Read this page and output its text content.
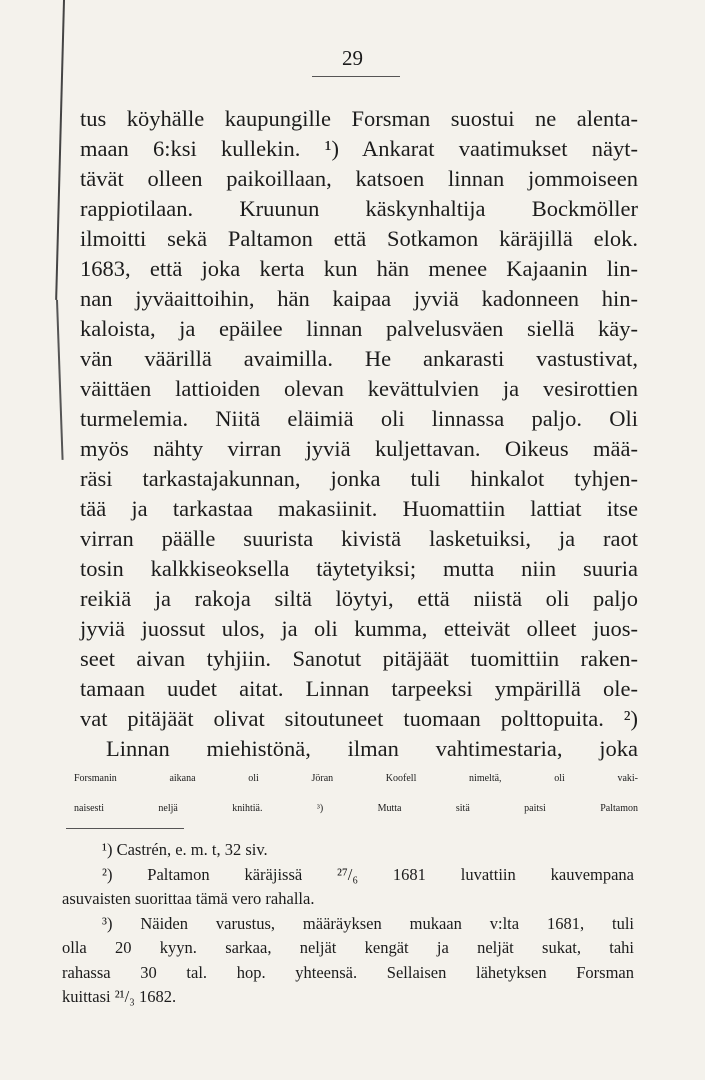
29
tus köyhälle kaupungille Forsman suostui ne alenta-
maan 6:ksi kullekin. ¹) Ankarat vaatimukset näyt-
tävät olleen paikoillaan, katsoen linnan jommoiseen
rappiotilaan. Kruunun käskynhaltija Bockmöller
ilmoitti sekä Paltamon että Sotkamon käräjillä elok.
1683, että joka kerta kun hän menee Kajaanin lin-
nan jyväaittoihin, hän kaipaa jyviä kadonneen hin-
kaloista, ja epäilee linnan palvelusväen siellä käy-
vän väärillä avaimilla. He ankarasti vastustivat,
väittäen lattioiden olevan kevättulvien ja vesirottien
turmelemia. Niitä eläimiä oli linnassa paljo. Oli
myös nähty virran jyviä kuljettavan. Oikeus mää-
räsi tarkastajakunnan, jonka tuli hinkalot tyhjen-
tää ja tarkastaa makasiinit. Huomattiin lattiat itse
virran päälle suurista kivistä lasketuiksi, ja raot
tosin kalkkiseoksella täytetyiksi; mutta niin suuria
reikiä ja rakoja siltä löytyi, että niistä oli paljo
jyviä juossut ulos, ja oli kumma, etteivät olleet juos-
seet aivan tyhjiin. Sanotut pitäjäät tuomittiin raken-
tamaan uudet aitat. Linnan tarpeeksi ympärillä ole-
vat pitäjäät olivat sitoutuneet tuomaan polttopuita. ²)
Linnan miehistönä, ilman vahtimestaria, joka
Forsmanin aikana oli Jöran Koofell nimeltä, oli vaki-
naisesti neljä knihtiä. ³) Mutta sitä paitsi Paltamon
¹) Castrén, e. m. t, 32 siv.
²) Paltamon käräjissä ²⁷/₆ 1681 luvattiin kauvempana
asuvaisten suorittaa tämä vero rahalla.
³) Näiden varustus, määräyksen mukaan v:lta 1681, tuli
olla 20 kyyn. sarkaa, neljät kengät ja neljät sukat, tahi
rahassa 30 tal. hop. yhteensä. Sellaisen lähetyksen Forsman
kuittasi ²¹/₃ 1682.
